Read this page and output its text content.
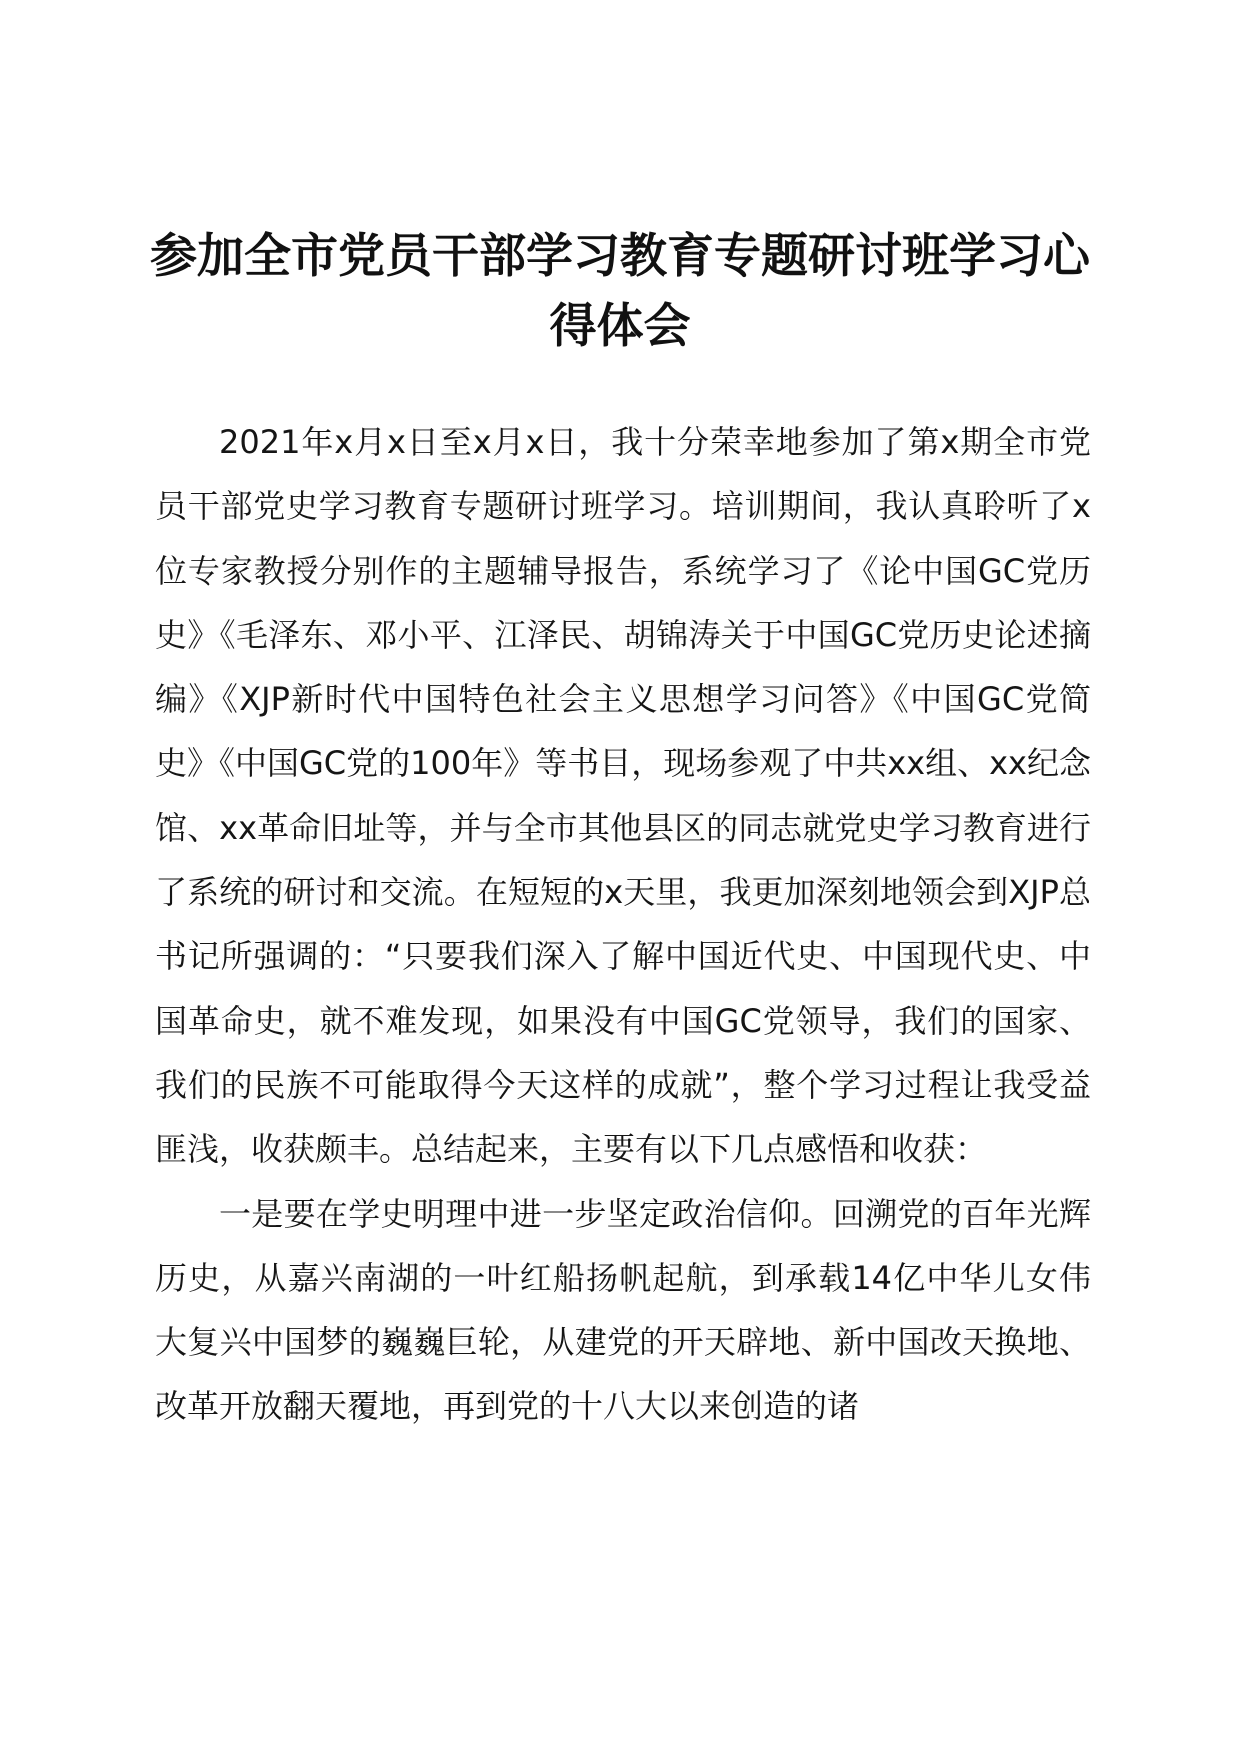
参加全市党员干部学习教育专题研讨班学习心得体会

2021年x月x日至x月x日，我十分荣幸地参加了第x期全市党员干部党史学习教育专题研讨班学习。培训期间，我认真聆听了x位专家教授分别作的主题辅导报告，系统学习了《论中国GC党历史》《毛泽东、邓小平、江泽民、胡锦涛关于中国GC党历史论述摘编》《XJP新时代中国特色社会主义思想学习问答》《中国GC党简史》《中国GC党的100年》等书目，现场参观了中共xx组、xx纪念馆、xx革命旧址等，并与全市其他县区的同志就党史学习教育进行了系统的研讨和交流。在短短的x天里，我更加深刻地领会到XJP总书记所强调的：“只要我们深入了解中国近代史、中国现代史、中国革命史，就不难发现，如果没有中国GC党领导，我们的国家、我们的民族不可能取得今天这样的成就”，整个学习过程让我受益匪浅，收获颇丰。总结起来，主要有以下几点感悟和收获：

一是要在学史明理中进一步坚定政治信仰。回溯党的百年光辉历史，从嘉兴南湖的一叶红船扬帆起航，到承载14亿中华儿女伟大复兴中国梦的巍巍巨轮，从建党的开天辟地、新中国改天换地、改革开放翻天覆地，再到党的十八大以来创造的诸
